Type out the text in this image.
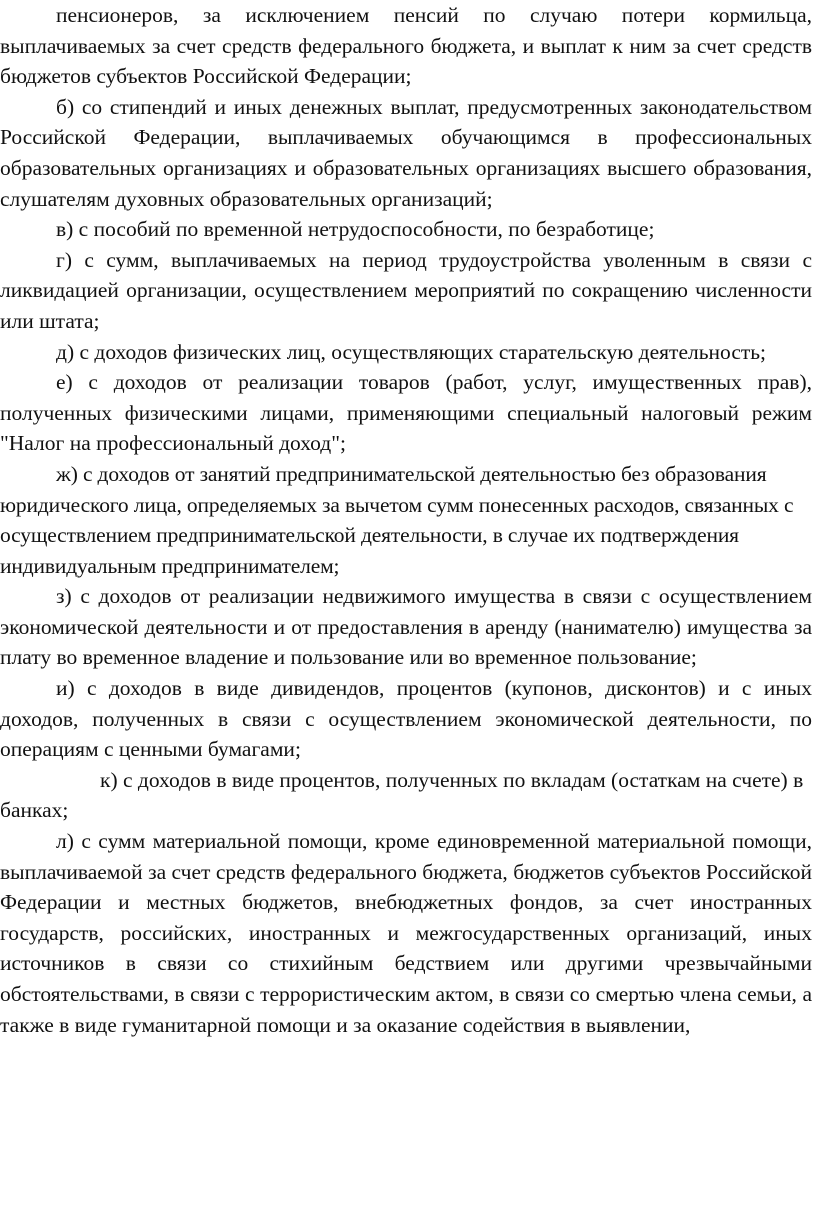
пенсионеров, за исключением пенсий по случаю потери кормильца, выплачиваемых за счет средств федерального бюджета, и выплат к ним за счет средств бюджетов субъектов Российской Федерации;

б) со стипендий и иных денежных выплат, предусмотренных законодательством Российской Федерации, выплачиваемых обучающимся в профессиональных образовательных организациях и образовательных организациях высшего образования, слушателям духовных образовательных организаций;

в) с пособий по временной нетрудоспособности, по безработице;

г) с сумм, выплачиваемых на период трудоустройства уволенным в связи с ликвидацией организации, осуществлением мероприятий по сокращению численности или штата;

д) с доходов физических лиц, осуществляющих старательскую деятельность;

е) с доходов от реализации товаров (работ, услуг, имущественных прав), полученных физическими лицами, применяющими специальный налоговый режим "Налог на профессиональный доход";

ж) с доходов от занятий предпринимательской деятельностью без образования юридического лица, определяемых за вычетом сумм понесенных расходов, связанных с осуществлением предпринимательской деятельности, в случае их подтверждения индивидуальным предпринимателем;

з) с доходов от реализации недвижимого имущества в связи с осуществлением экономической деятельности и от предоставления в аренду (нанимателю) имущества за плату во временное владение и пользование или во временное пользование;

и) с доходов в виде дивидендов, процентов (купонов, дисконтов) и с иных доходов, полученных в связи с осуществлением экономической деятельности, по операциям с ценными бумагами;

к) с доходов в виде процентов, полученных по вкладам (остаткам на счете) в банках;

л) с сумм материальной помощи, кроме единовременной материальной помощи, выплачиваемой за счет средств федерального бюджета, бюджетов субъектов Российской Федерации и местных бюджетов, внебюджетных фондов, за счет иностранных государств, российских, иностранных и межгосударственных организаций, иных источников в связи со стихийным бедствием или другими чрезвычайными обстоятельствами, в связи с террористическим актом, в связи со смертью члена семьи, а также в виде гуманитарной помощи и за оказание содействия в выявлении,
